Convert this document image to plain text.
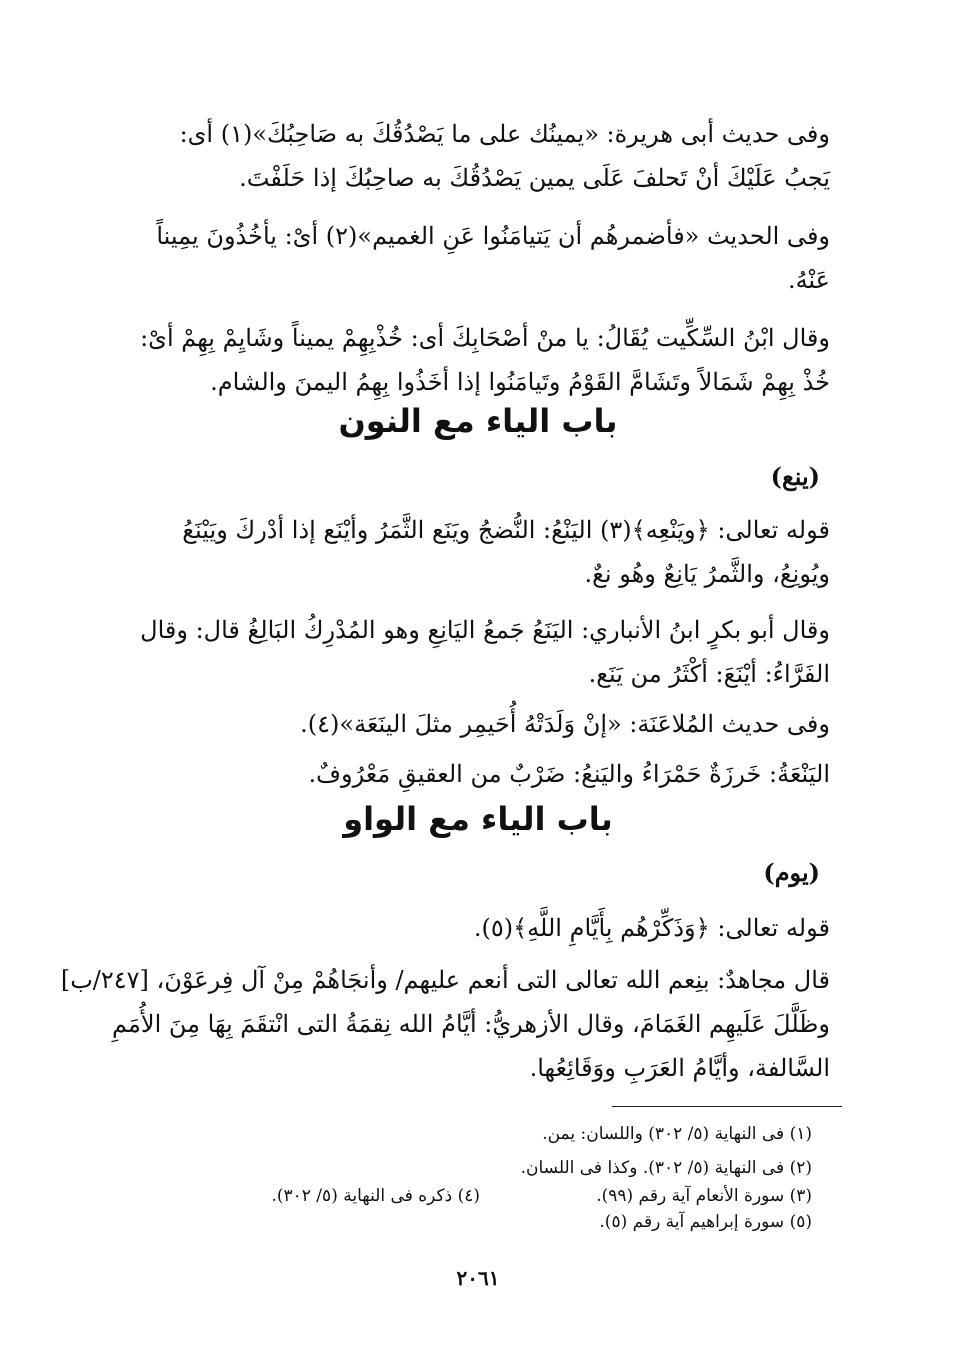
وفى حديث أبى هريرة: «يمينُك على ما يَصْدُقُكَ به صَاحِبُكَ»(١) أى: يَجبُ عَلَيْكَ أنْ تَحلفَ عَلَى يمين يَصْدُقُكَ به صاحِبُكَ إذا حَلَفْتَ.

وفى الحديث «فأضمرهُم أن يَتيامَنُوا عَنِ الغميم»(٢) أىْ: يأخُذُونَ يمِيناً عَنْهُ.

وقال ابْنُ السِّكِّيت يُقَالُ: يا منْ أصْحَابِكَ أى: خُذْبِهِمْ يميناً وشَايِمْ بِهِمْ أىْ: خُذْ بِهِمْ شَمَالاً وتَشَامَّ القَوْمُ وتَيامَنُوا إذا أخَذُوا بِهِمُ اليمنَ والشام.

باب الياء مع النون
(ينع)

قوله تعالى: ﴿ويَنْعِه﴾(٣) اليَنْعُ: النُّضجُ ويَنَع الثَّمَرُ وأيْنَع إذا أدْركَ ويَيْنَعُ ويُونِعُ، والثَّمرُ يَانِعٌ وهُو نعٌ.

وقال أبو بكرٍ ابنُ الأنباري: اليَنَعُ جَمعُ اليَانِعِ وهو المُدْرِكُ البَالِغُ قال: وقال الفَرَّاءُ: أيْنَعَ: أكْثَرُ من يَنَع.

وفى حديث المُلاعَنَة: «إنْ وَلَدَتْهُ أُحَيمِر مثلَ الينَعَة»(٤).

اليَنْعَةُ: خَرزَةٌ حَمْرَاءُ واليَنعُ: ضَرْبٌ من العقيقِ مَعْرُوفٌ.

باب الياء مع الواو
(يوم)

قوله تعالى: ﴿وَذَكِّرْهُم بِأَيَّامِ اللَّهِ﴾(٥).

قال مجاهدٌ: بنِعم الله تعالى التى أنعم عليهم/ وأنجَاهُمْ مِنْ آل فِرعَوْنَ، [٢٤٧/ب] وظَلَّلَ عَلَيهِم الغَمَامَ، وقال الأزهريُّ: أيَّامُ الله نِقمَةُ التى انْتقَمَ بِهَا مِنَ الأُمَمِ السَّالفة، وأيَّامُ العَرَبِ ووَقَائِعُها.

(١) فى النهاية (٥/ ٣٠٢) واللسان: يمن.
(٢) فى النهاية (٥/ ٣٠٢). وكذا فى اللسان.
(٣) سورة الأنعام آية رقم (٩٩).
(٤) ذكره فى النهاية (٥/ ٣٠٢).
(٥) سورة إبراهيم آية رقم (٥).
٢٠٦١
